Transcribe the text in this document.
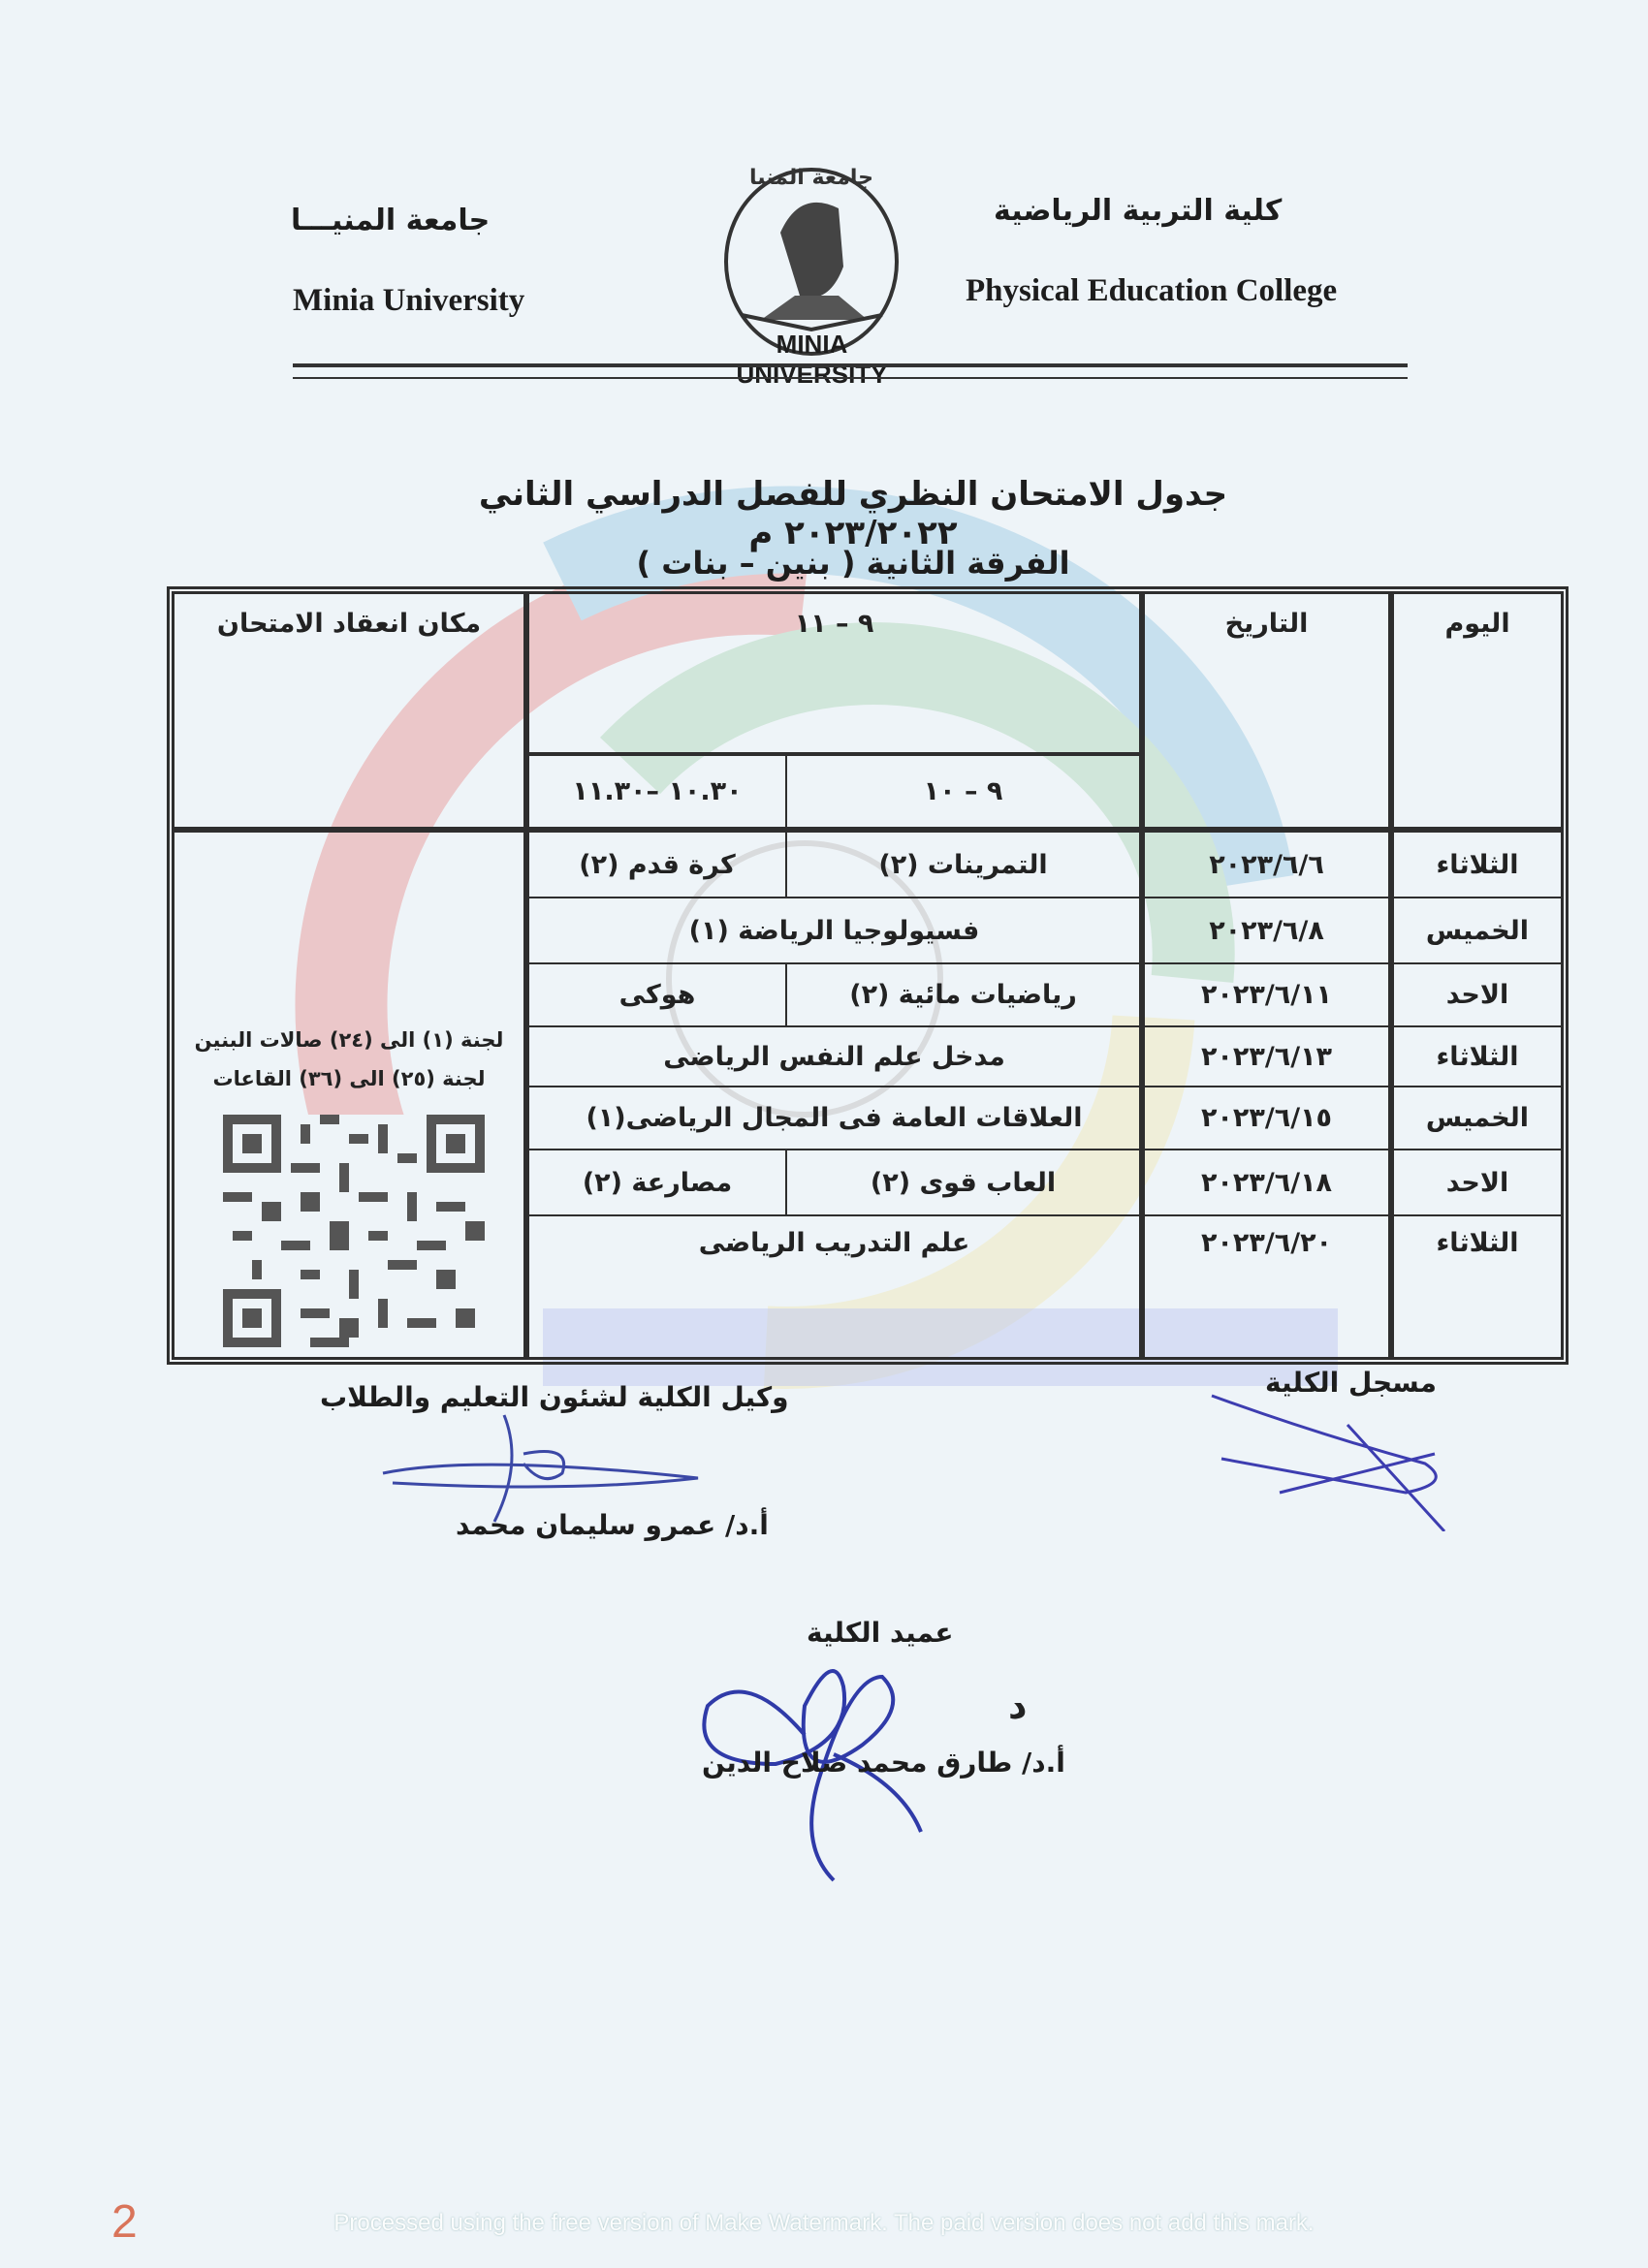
جامعة المنيـــا
Minia University
كلية التربية الرياضية
Physical Education College
جامعة المنيا
MINIA UNIVERSITY
جدول الامتحان النظري للفصل الدراسي الثاني ٢٠٢٣/٢٠٢٢ م
الفرقة الثانية ( بنين – بنات )
اليوم
التاريخ
٩ – ١١
٩ – ١٠
١٠.٣٠ –١١.٣٠
مكان انعقاد الامتحان
الثلاثاء
٢٠٢٣/٦/٦
التمرينات (٢)
كرة قدم (٢)
الخميس
٢٠٢٣/٦/٨
فسيولوجيا الرياضة (١)
الاحد
٢٠٢٣/٦/١١
رياضيات مائية (٢)
هوكى
الثلاثاء
٢٠٢٣/٦/١٣
مدخل علم النفس الرياضى
الخميس
٢٠٢٣/٦/١٥
العلاقات العامة فى المجال الرياضى(١)
الاحد
٢٠٢٣/٦/١٨
العاب قوى (٢)
مصارعة (٢)
الثلاثاء
٢٠٢٣/٦/٢٠
علم التدريب الرياضى
لجنة (١) الى (٢٤) صالات البنين
لجنة (٢٥) الى (٣٦) القاعات
مسجل الكلية
وكيل الكلية لشئون التعليم والطلاب
أ.د/ عمرو سليمان محمد
عميد الكلية
د
أ.د/ طارق محمد صلاح الدين
2	Processed using the free version of Make Watermark. The paid version does not add this mark.
